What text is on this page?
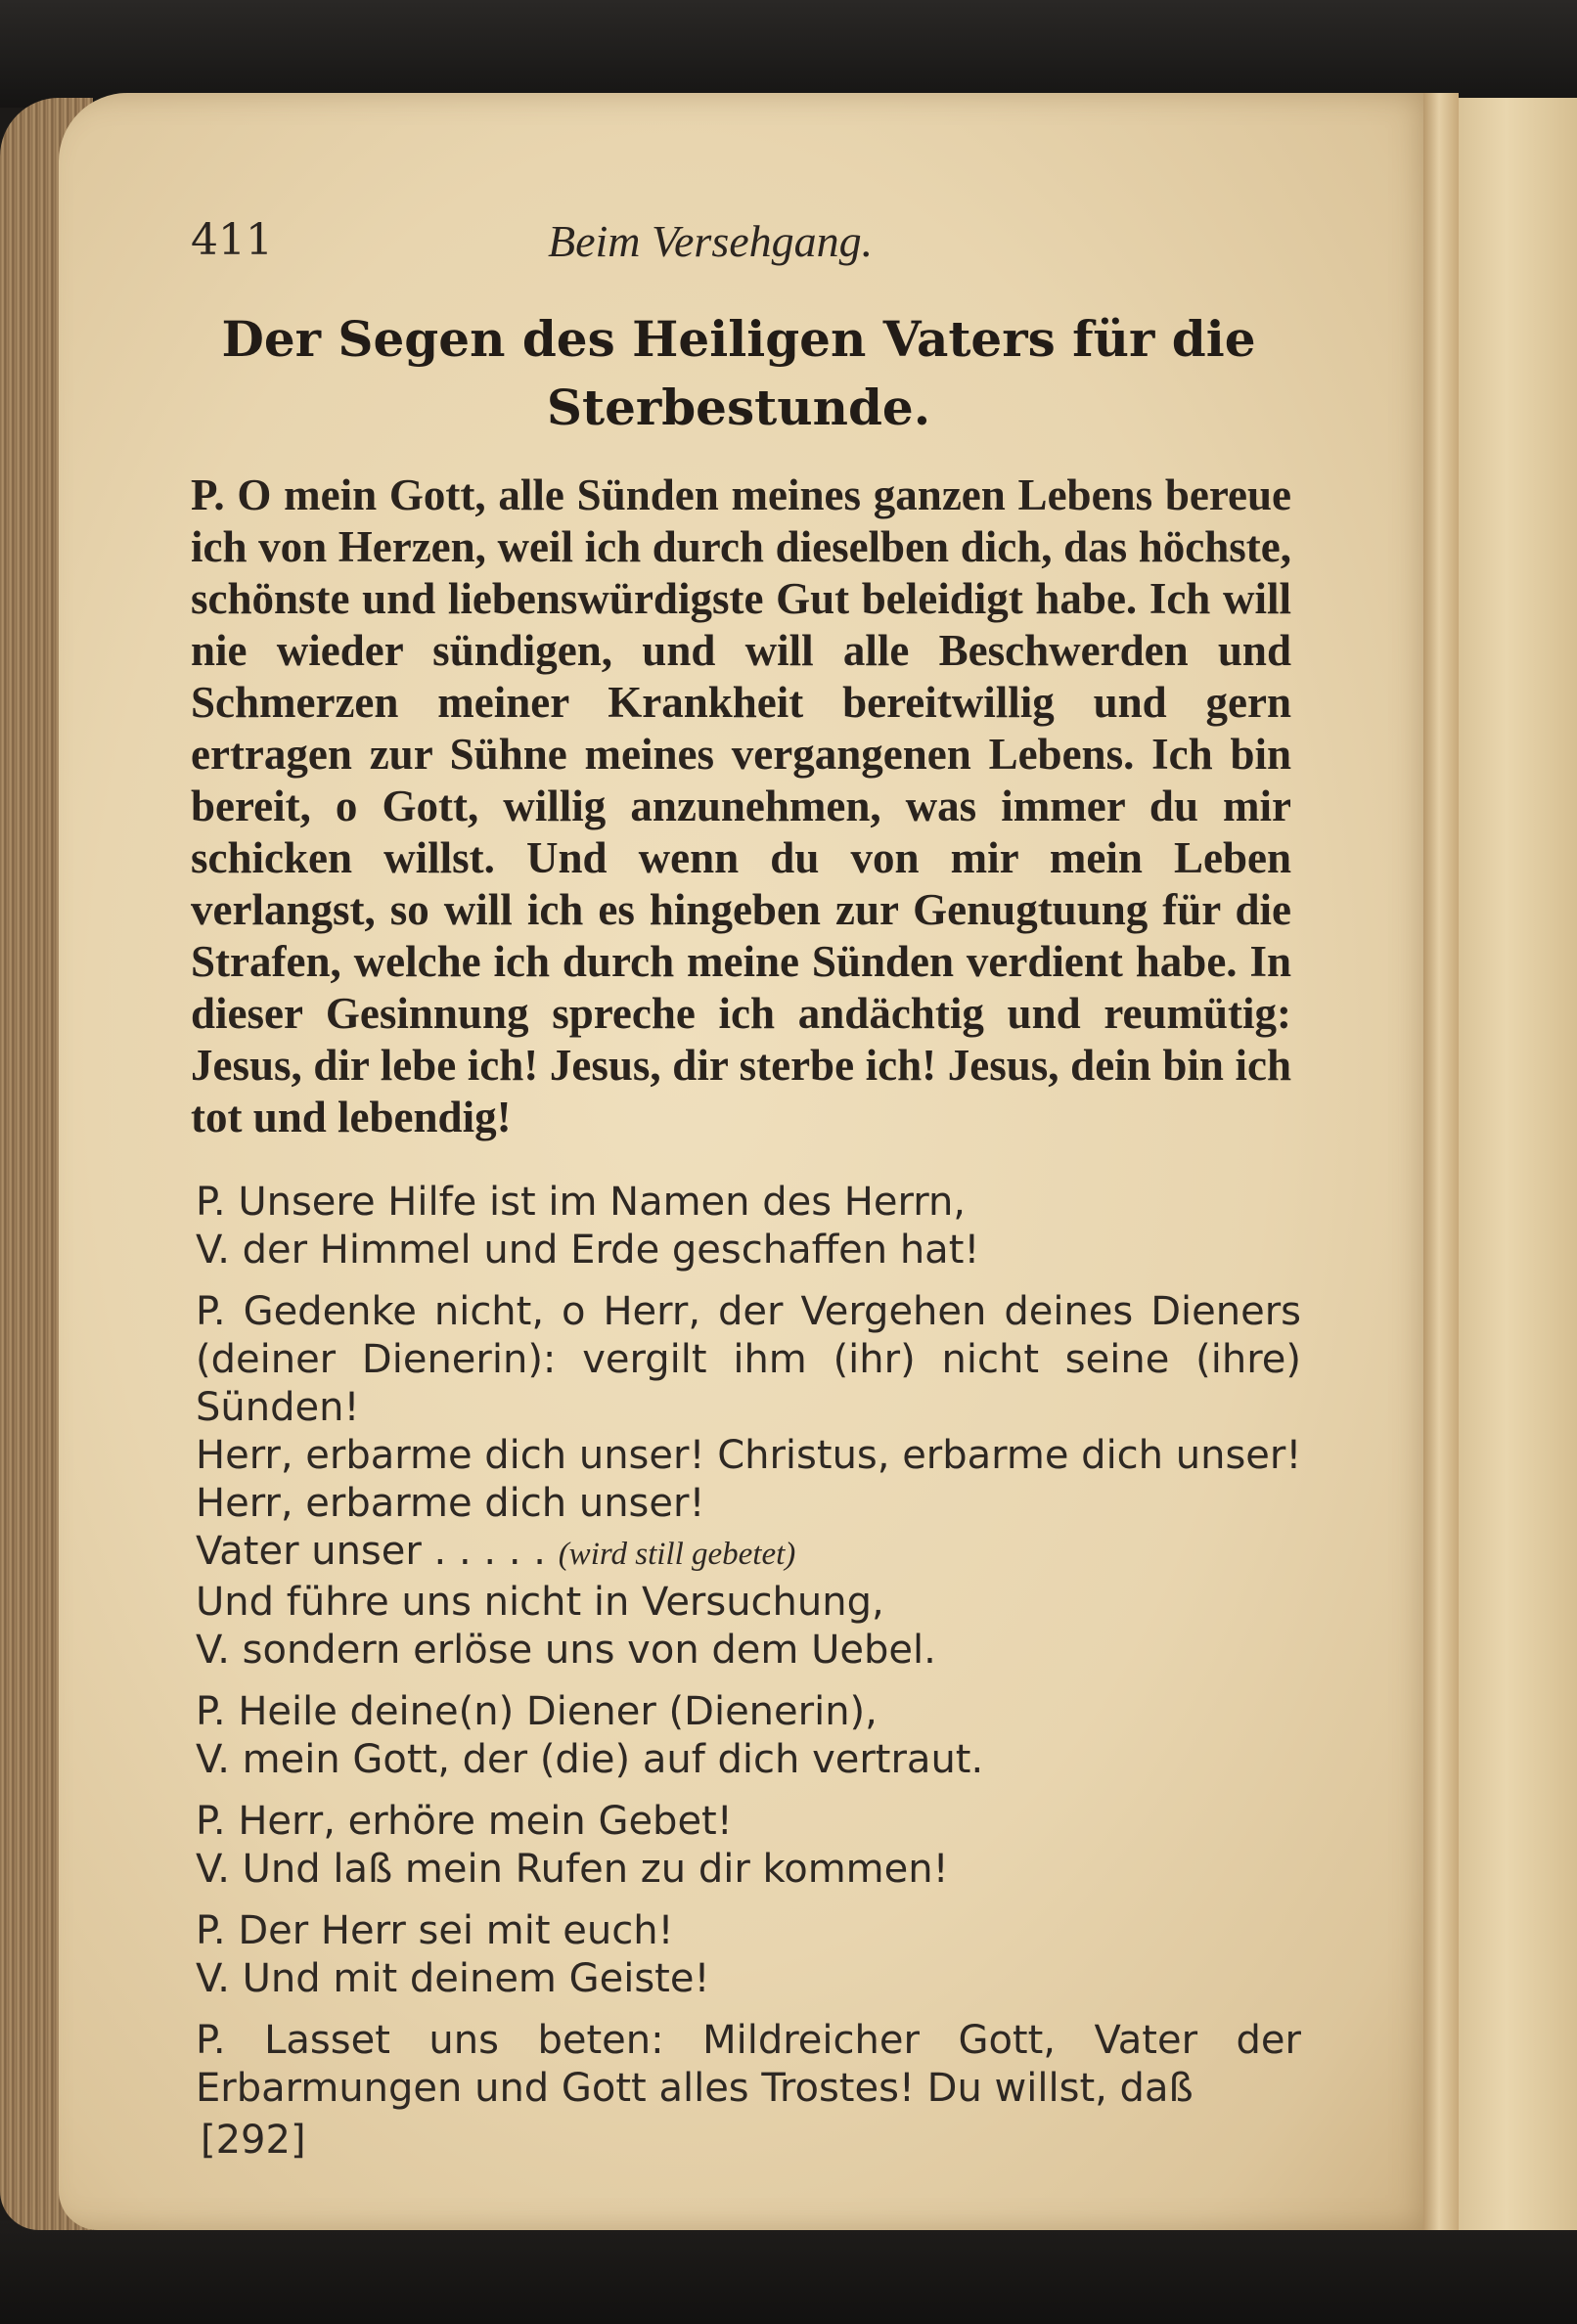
411	Beim Versehgang.
Der Segen des Heiligen Vaters für die
Sterbestunde.
P. O mein Gott, alle Sünden meines ganzen Lebens bereue ich von Herzen, weil ich durch dieselben dich, das höchste, schönste und liebenswürdigste Gut beleidigt habe. Ich will nie wieder sündigen, und will alle Beschwerden und Schmerzen meiner Krankheit bereitwillig und gern ertragen zur Sühne meines vergangenen Lebens. Ich bin bereit, o Gott, willig anzunehmen, was immer du mir schicken willst. Und wenn du von mir mein Leben verlangst, so will ich es hingeben zur Genugtuung für die Strafen, welche ich durch meine Sünden verdient habe. In dieser Gesinnung spreche ich andächtig und reumütig: Jesus, dir lebe ich! Jesus, dir sterbe ich! Jesus, dein bin ich tot und lebendig!
P. Unsere Hilfe ist im Namen des Herrn,
V. der Himmel und Erde geschaffen hat!
P. Gedenke nicht, o Herr, der Vergehen deines Dieners (deiner Dienerin): vergilt ihm (ihr) nicht seine (ihre) Sünden!
Herr, erbarme dich unser! Christus, erbarme dich unser!
Herr, erbarme dich unser!
Vater unser . . . . . (wird still gebetet)
Und führe uns nicht in Versuchung,
V. sondern erlöse uns von dem Uebel.
P. Heile deine(n) Diener (Dienerin),
V. mein Gott, der (die) auf dich vertraut.
P. Herr, erhöre mein Gebet!
V. Und laß mein Rufen zu dir kommen!
P. Der Herr sei mit euch!
V. Und mit deinem Geiste!
P. Lasset uns beten: Mildreicher Gott, Vater der Erbarmungen und Gott alles Trostes! Du willst, daß
[292]
